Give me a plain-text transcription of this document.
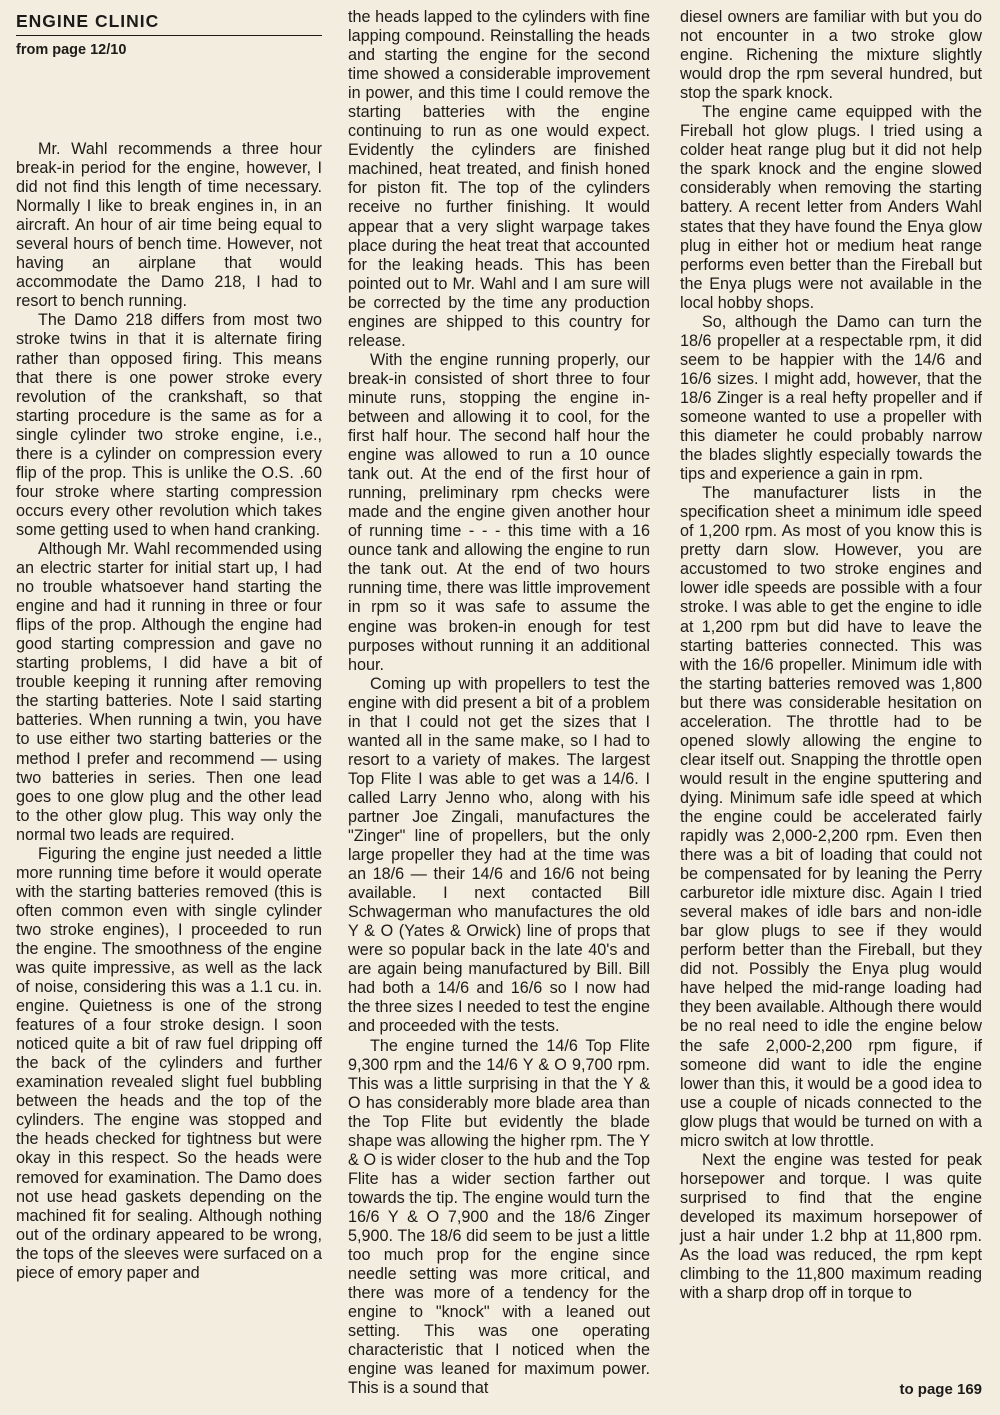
ENGINE CLINIC
from page 12/10

Mr. Wahl recommends a three hour break-in period for the engine, however, I did not find this length of time necessary. Normally I like to break engines in, in an aircraft. An hour of air time being equal to several hours of bench time. However, not having an airplane that would accommodate the Damo 218, I had to resort to bench running.

The Damo 218 differs from most two stroke twins in that it is alternate firing rather than opposed firing. This means that there is one power stroke every revolution of the crankshaft, so that starting procedure is the same as for a single cylinder two stroke engine, i.e., there is a cylinder on compression every flip of the prop. This is unlike the O.S. .60 four stroke where starting compression occurs every other revolution which takes some getting used to when hand cranking.

Although Mr. Wahl recommended using an electric starter for initial start up, I had no trouble whatsoever hand starting the engine and had it running in three or four flips of the prop. Although the engine had good starting compression and gave no starting problems, I did have a bit of trouble keeping it running after removing the starting batteries. Note I said starting batteries. When running a twin, you have to use either two starting batteries or the method I prefer and recommend — using two batteries in series. Then one lead goes to one glow plug and the other lead to the other glow plug. This way only the normal two leads are required.

Figuring the engine just needed a little more running time before it would operate with the starting batteries removed (this is often common even with single cylinder two stroke engines), I proceeded to run the engine. The smoothness of the engine was quite impressive, as well as the lack of noise, considering this was a 1.1 cu. in. engine. Quietness is one of the strong features of a four stroke design. I soon noticed quite a bit of raw fuel dripping off the back of the cylinders and further examination revealed slight fuel bubbling between the heads and the top of the cylinders. The engine was stopped and the heads checked for tightness but were okay in this respect. So the heads were removed for examination. The Damo does not use head gaskets depending on the machined fit for sealing. Although nothing out of the ordinary appeared to be wrong, the tops of the sleeves were surfaced on a piece of emory paper and

the heads lapped to the cylinders with fine lapping compound. Reinstalling the heads and starting the engine for the second time showed a considerable improvement in power, and this time I could remove the starting batteries with the engine continuing to run as one would expect. Evidently the cylinders are finished machined, heat treated, and finish honed for piston fit. The top of the cylinders receive no further finishing. It would appear that a very slight warpage takes place during the heat treat that accounted for the leaking heads. This has been pointed out to Mr. Wahl and I am sure will be corrected by the time any production engines are shipped to this country for release.

With the engine running properly, our break-in consisted of short three to four minute runs, stopping the engine in-between and allowing it to cool, for the first half hour. The second half hour the engine was allowed to run a 10 ounce tank out. At the end of the first hour of running, preliminary rpm checks were made and the engine given another hour of running time - - - this time with a 16 ounce tank and allowing the engine to run the tank out. At the end of two hours running time, there was little improvement in rpm so it was safe to assume the engine was broken-in enough for test purposes without running it an additional hour.

Coming up with propellers to test the engine with did present a bit of a problem in that I could not get the sizes that I wanted all in the same make, so I had to resort to a variety of makes. The largest Top Flite I was able to get was a 14/6. I called Larry Jenno who, along with his partner Joe Zingali, manufactures the "Zinger" line of propellers, but the only large propeller they had at the time was an 18/6 — their 14/6 and 16/6 not being available. I next contacted Bill Schwagerman who manufactures the old Y & O (Yates & Orwick) line of props that were so popular back in the late 40's and are again being manufactured by Bill. Bill had both a 14/6 and 16/6 so I now had the three sizes I needed to test the engine and proceeded with the tests.

The engine turned the 14/6 Top Flite 9,300 rpm and the 14/6 Y & O 9,700 rpm. This was a little surprising in that the Y & O has considerably more blade area than the Top Flite but evidently the blade shape was allowing the higher rpm. The Y & O is wider closer to the hub and the Top Flite has a wider section farther out towards the tip. The engine would turn the 16/6 Y & O 7,900 and the 18/6 Zinger 5,900. The 18/6 did seem to be just a little too much prop for the engine since needle setting was more critical, and there was more of a tendency for the engine to "knock" with a leaned out setting. This was one operating characteristic that I noticed when the engine was leaned for maximum power. This is a sound that

diesel owners are familiar with but you do not encounter in a two stroke glow engine. Richening the mixture slightly would drop the rpm several hundred, but stop the spark knock.

The engine came equipped with the Fireball hot glow plugs. I tried using a colder heat range plug but it did not help the spark knock and the engine slowed considerably when removing the starting battery. A recent letter from Anders Wahl states that they have found the Enya glow plug in either hot or medium heat range performs even better than the Fireball but the Enya plugs were not available in the local hobby shops.

So, although the Damo can turn the 18/6 propeller at a respectable rpm, it did seem to be happier with the 14/6 and 16/6 sizes. I might add, however, that the 18/6 Zinger is a real hefty propeller and if someone wanted to use a propeller with this diameter he could probably narrow the blades slightly especially towards the tips and experience a gain in rpm.

The manufacturer lists in the specification sheet a minimum idle speed of 1,200 rpm. As most of you know this is pretty darn slow. However, you are accustomed to two stroke engines and lower idle speeds are possible with a four stroke. I was able to get the engine to idle at 1,200 rpm but did have to leave the starting batteries connected. This was with the 16/6 propeller. Minimum idle with the starting batteries removed was 1,800 but there was considerable hesitation on acceleration. The throttle had to be opened slowly allowing the engine to clear itself out. Snapping the throttle open would result in the engine sputtering and dying. Minimum safe idle speed at which the engine could be accelerated fairly rapidly was 2,000-2,200 rpm. Even then there was a bit of loading that could not be compensated for by leaning the Perry carburetor idle mixture disc. Again I tried several makes of idle bars and non-idle bar glow plugs to see if they would perform better than the Fireball, but they did not. Possibly the Enya plug would have helped the mid-range loading had they been available. Although there would be no real need to idle the engine below the safe 2,000-2,200 rpm figure, if someone did want to idle the engine lower than this, it would be a good idea to use a couple of nicads connected to the glow plugs that would be turned on with a micro switch at low throttle.

Next the engine was tested for peak horsepower and torque. I was quite surprised to find that the engine developed its maximum horsepower of just a hair under 1.2 bhp at 11,800 rpm. As the load was reduced, the rpm kept climbing to the 11,800 maximum reading with a sharp drop off in torque to

to page 169
